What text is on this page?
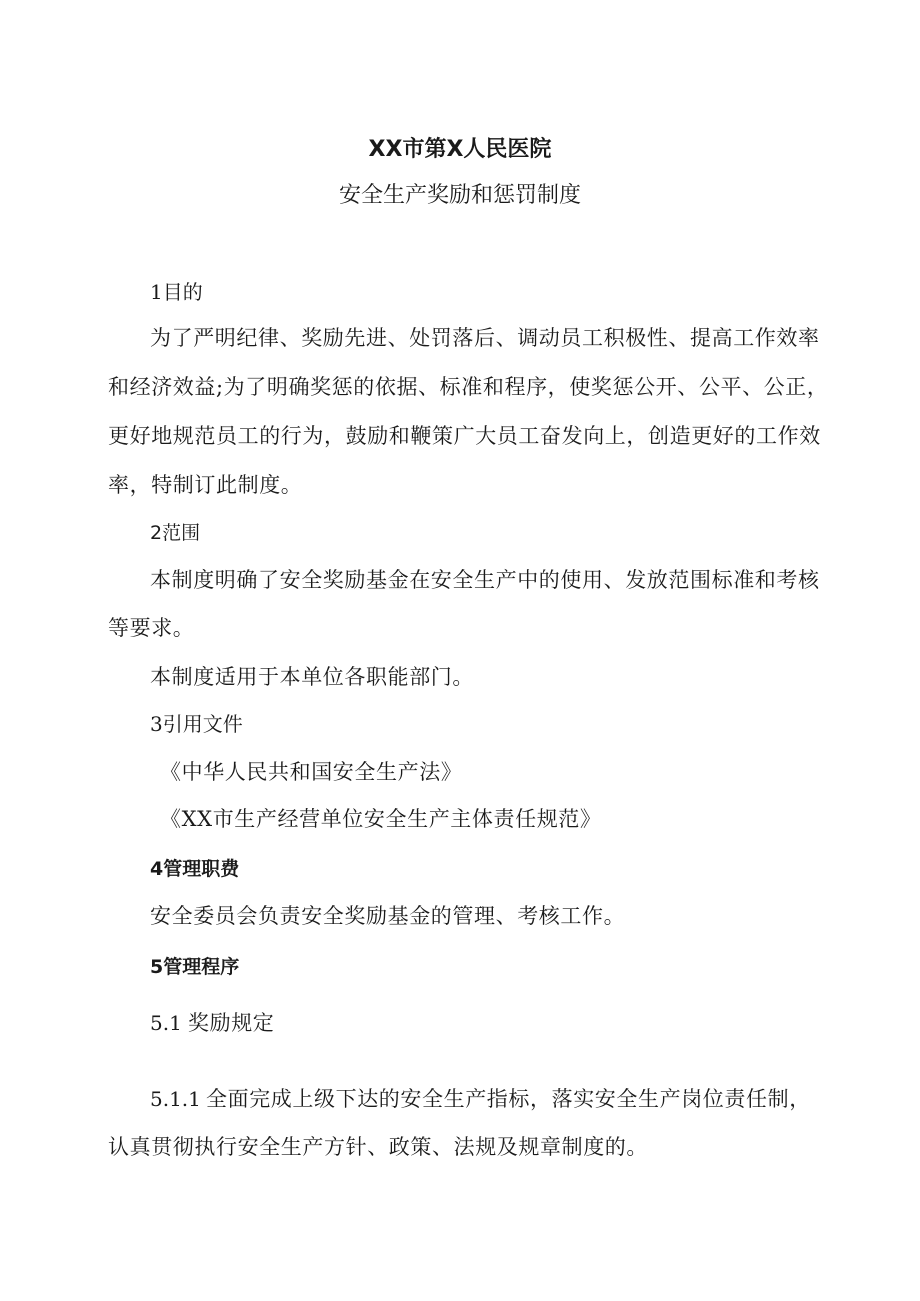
XX市第X人民医院
安全生产奖励和惩罚制度
1目的
为了严明纪律、奖励先进、处罚落后、调动员工积极性、提高工作效率
和经济效益;为了明确奖惩的依据、标准和程序，使奖惩公开、公平、公正，
更好地规范员工的行为，鼓励和鞭策广大员工奋发向上，创造更好的工作效
率，特制订此制度。
2范围
本制度明确了安全奖励基金在安全生产中的使用、发放范围标准和考核
等要求。
本制度适用于本单位各职能部门。
3引用文件
《中华人民共和国安全生产法》
《XX市生产经营单位安全生产主体责任规范》
4管理职费
安全委员会负责安全奖励基金的管理、考核工作。
5管理程序
5.1 奖励规定
5.1.1 全面完成上级下达的安全生产指标，落实安全生产岗位责任制，
认真贯彻执行安全生产方针、政策、法规及规章制度的。
